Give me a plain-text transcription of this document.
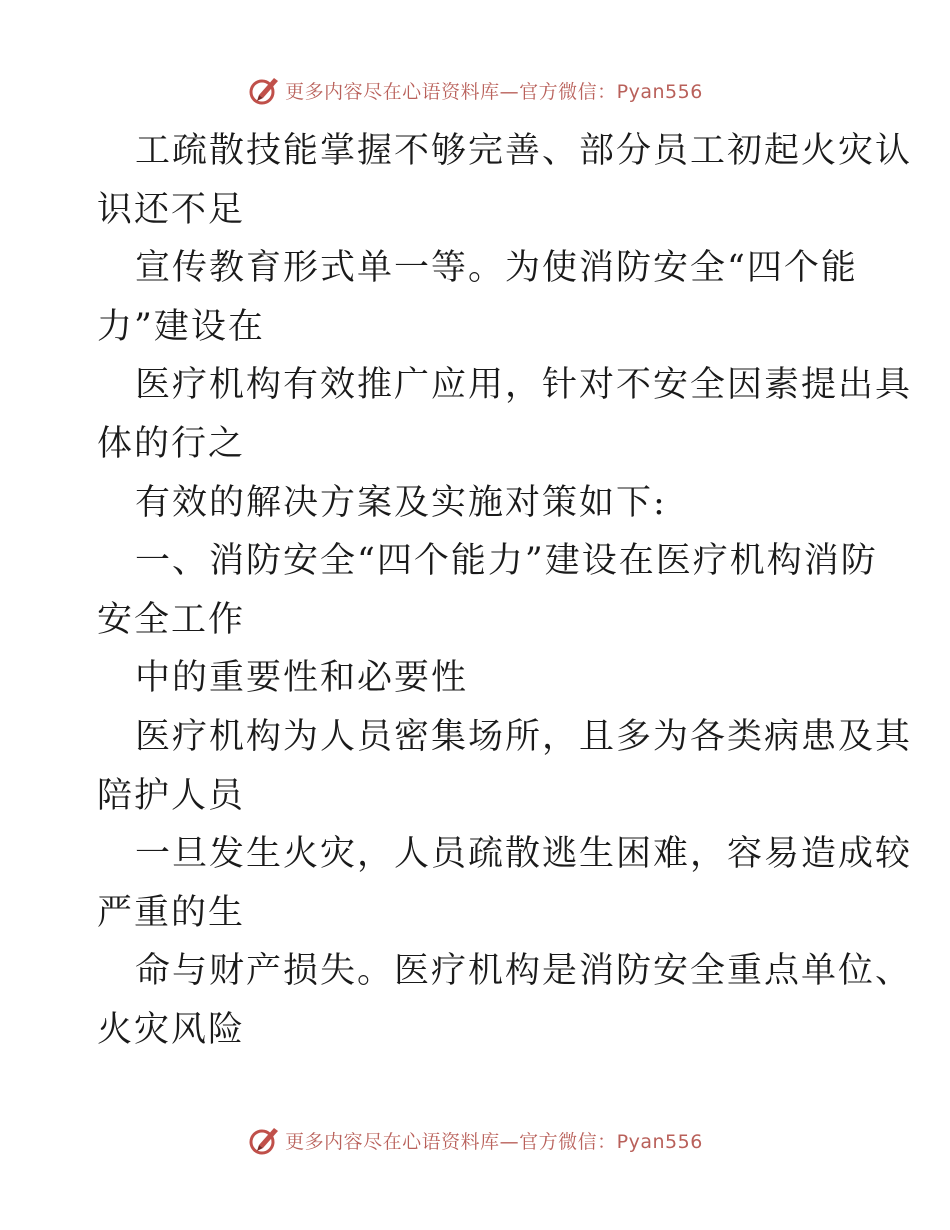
更多内容尽在心语资料库—官方微信：Pyan556
工疏散技能掌握不够完善、部分员工初起火灾认
识还不足
宣传教育形式单一等。为使消防安全“四个能
力”建设在
医疗机构有效推广应用，针对不安全因素提出具
体的行之
有效的解决方案及实施对策如下:
一、消防安全“四个能力”建设在医疗机构消防
安全工作
中的重要性和必要性
医疗机构为人员密集场所，且多为各类病患及其
陪护人员
一旦发生火灾，人员疏散逃生困难，容易造成较
严重的生
命与财产损失。医疗机构是消防安全重点单位、
火灾风险
更多内容尽在心语资料库—官方微信：Pyan556
